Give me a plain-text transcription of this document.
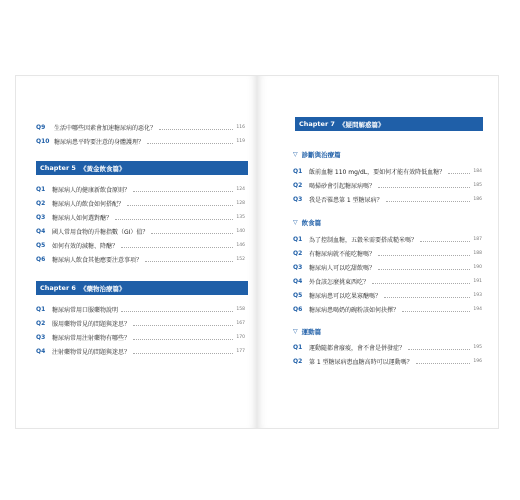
Q9	生活中哪些因素會加速糖尿病的惡化？	116
Q10 糖尿病患平時要注意的身體護理？	119
Chapter 5 《黃金飲食篇》
Q1	糖尿病人的健康新飲食原則？	124
Q2	糖尿病人的飲食如何搭配？	128
Q3	糖尿病人如何選對醣？	135
Q4	國人常用食物的升糖指數（GI）值？	140
Q5	如何有效的減糖、降醣？	146
Q6	糖尿病人飲食其他應要注意事項？	152
Chapter 6 《藥物治療篇》
Q1	糖尿病常用口服藥物說明	158
Q2	服用藥物常見的問題與迷思？	167
Q3	糖尿病常用注射藥物有哪些？	170
Q4	注射藥物常見的問題與迷思？	177
Chapter 7 《疑問解惑篇》
▽ 診斷與治療篇
Q1	飯前血糖 110 mg/dL，要如何才能有效降低血糖？	184
Q2	喝掃砂會引起糖尿病嗎？	185
Q3	我是否罹患第 1 型糖尿病？	186
▽ 飲食篇
Q1	為了控制血糖，五穀米需要搭成糙米嗎？	187
Q2	有糖尿病就不能吃糖嗎？	188
Q3	糖尿病人可以吃甜飲嗎？	190
Q4	外食該怎麼挑東西吃？	191
Q5	糖尿病患可以吃果寡醣嗎？	193
Q6	糖尿病患喝奶的碗粉該如何抉擇？	194
▽ 運動篇
Q1	運動隨都會廢痠，會不會是併發症？	195
Q2	第 1 型糖尿病患血糖高時可以運動嗎？	196
